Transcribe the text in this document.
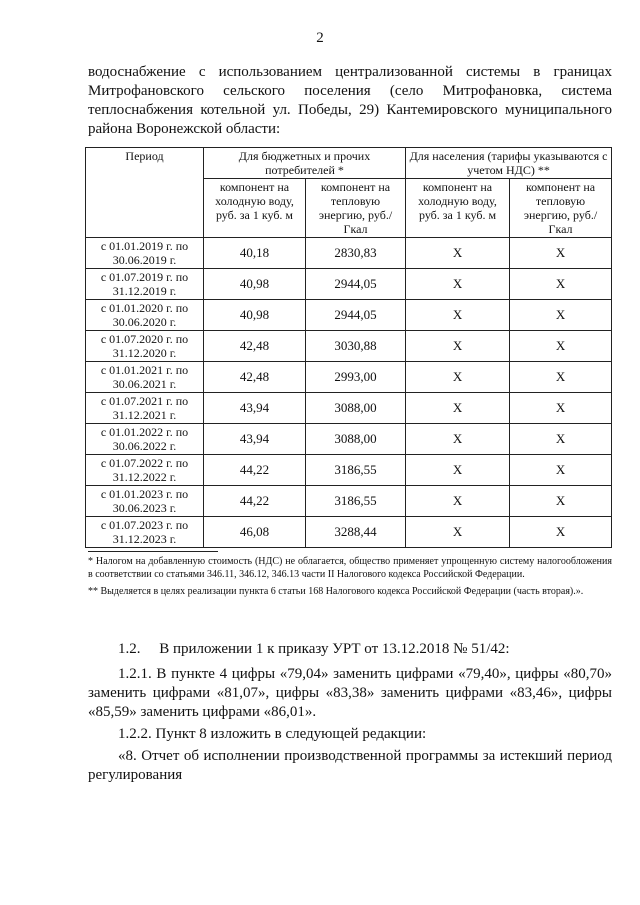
2
водоснабжение с использованием централизованной системы в границах Митрофановского сельского поселения (село Митрофановка, система теплоснабжения котельной ул. Победы, 29) Кантемировского муниципального района Воронежской области:
Период	Для бюджетных и прочих потребителей *		Для населения (тарифы указываются с учетом НДС) **	
	компонент на холодную воду, руб. за 1 куб. м	компонент на тепловую энергию, руб./Гкал	компонент на холодную воду, руб. за 1 куб. м	компонент на тепловую энергию, руб./Гкал
с 01.01.2019 г. по 30.06.2019 г.	40,18	2830,83	Х	Х
с 01.07.2019 г. по 31.12.2019 г.	40,98	2944,05	Х	Х
с 01.01.2020 г. по 30.06.2020 г.	40,98	2944,05	Х	Х
с 01.07.2020 г. по 31.12.2020 г.	42,48	3030,88	Х	Х
с 01.01.2021 г. по 30.06.2021 г.	42,48	2993,00	Х	Х
с 01.07.2021 г. по 31.12.2021 г.	43,94	3088,00	Х	Х
с 01.01.2022 г. по 30.06.2022 г.	43,94	3088,00	Х	Х
с 01.07.2022 г. по 31.12.2022 г.	44,22	3186,55	Х	Х
с 01.01.2023 г. по 30.06.2023 г.	44,22	3186,55	Х	Х
с 01.07.2023 г. по 31.12.2023 г.	46,08	3288,44	Х	Х

* Налогом на добавленную стоимость (НДС) не облагается, общество применяет упрощенную систему налогообложения в соответствии со статьями 346.11, 346.12, 346.13 части II Налогового кодекса Российской Федерации.

** Выделяется в целях реализации пункта 6 статьи 168 Налогового кодекса Российской Федерации (часть вторая).».

1.2.     В приложении 1 к приказу УРТ от 13.12.2018 № 51/42:

1.2.1. В пункте 4 цифры «79,04» заменить цифрами «79,40», цифры «80,70» заменить цифрами «81,07», цифры «83,38» заменить цифрами «83,46», цифры «85,59» заменить цифрами «86,01».

1.2.2. Пункт 8 изложить в следующей редакции:

«8. Отчет об исполнении производственной программы за истекший период регулирования
